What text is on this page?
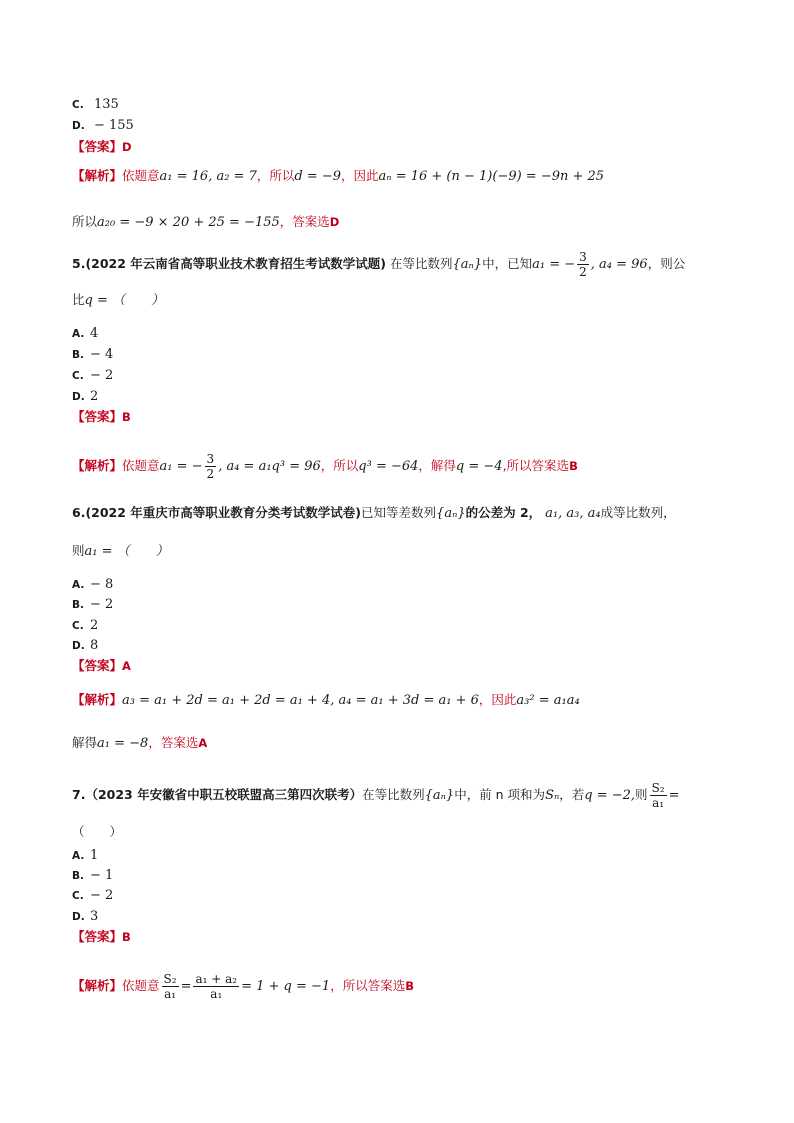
C. 135
D. − 155
【答案】D
【解析】依题意a₁ = 16, a₂ = 7，所以d = −9，因此aₙ = 16 + (n − 1)(−9) = −9n + 25
所以a₂₀ = −9 × 20 + 25 = −155，答案选D
5.(2022 年云南省高等职业技术教育招生考试数学试题) 在等比数列{aₙ}中，已知a₁ = − $\frac{3}{2}$ , a₄ = 96，则公
比q = （　　）
A. 4
B. − 4
C. − 2
D. 2
【答案】B
【解析】依题意a₁ = − $\frac{3}{2}$ , a₄ = a₁q³ = 96，所以q³ = −64，解得q = −4,所以答案选B
6.(2022 年重庆市高等职业教育分类考试数学试卷)已知等差数列{aₙ}的公差为 2， a₁, a₃, a₄成等比数列，
则a₁ = （　　）
A. − 8
B. − 2
C. 2
D. 8
【答案】A
【解析】a₃ = a₁ + 2d = a₁ + 2d = a₁ + 4, a₄ = a₁ + 3d = a₁ + 6，因此a₃² = a₁a₄
解得a₁ = −8，答案选A
7.（2023 年安徽省中职五校联盟高三第四次联考）在等比数列{aₙ}中，前 n 项和为Sₙ，若q = −2,则 $\frac{\text{S₂}}{\text{a₁}}$ =
（　　）
A. 1
B. − 1
C. − 2
D. 3
【答案】B
【解析】依题意 $\frac{\text{S₂}}{\text{a₁}} = \frac{\text{a₁ + a₂}}{\text{a₁}} = 1 + q = -1$，所以答案选B
